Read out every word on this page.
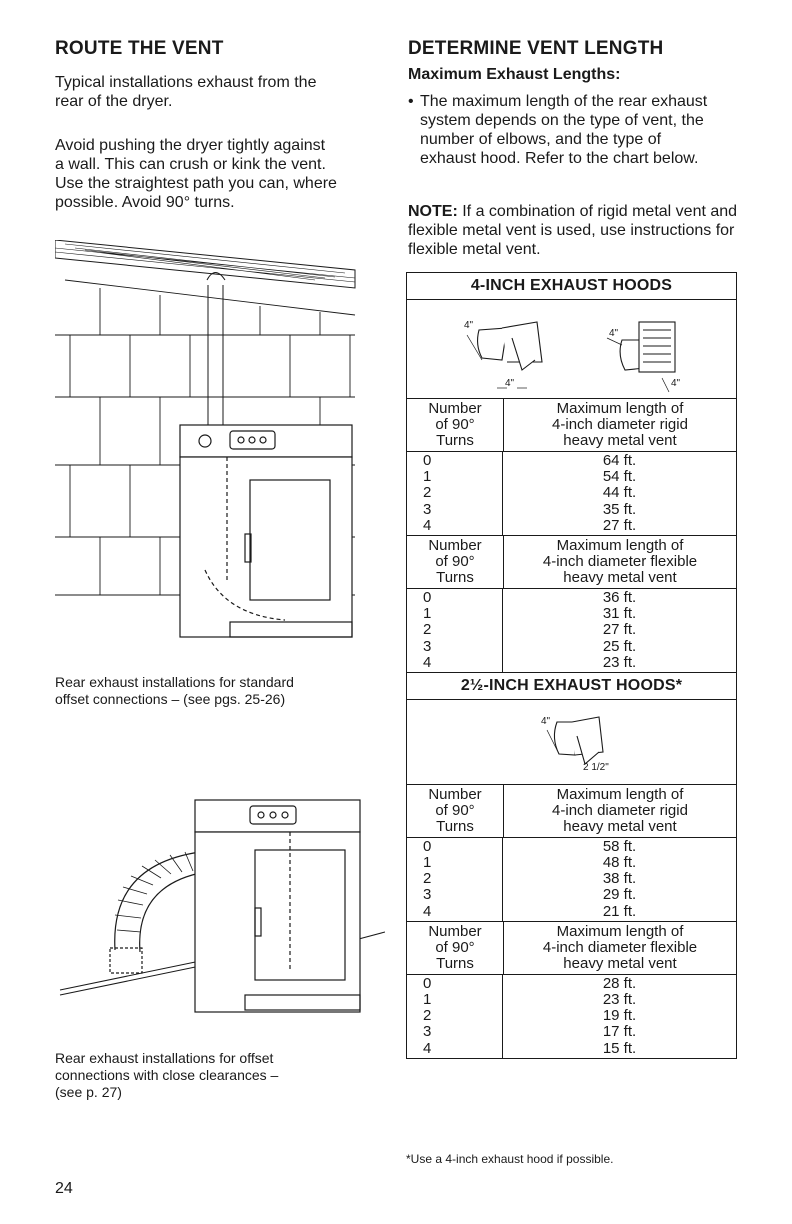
ROUTE THE VENT
Typical installations exhaust from the
rear of the dryer.
Avoid pushing the dryer tightly against
a wall. This can crush or kink the vent.
Use the straightest path you can, where
possible. Avoid 90° turns.
Rear exhaust installations for standard
offset connections – (see pgs. 25-26)
Rear exhaust installations for offset
connections with close clearances –
(see p. 27)
24
DETERMINE VENT LENGTH
Maximum Exhaust Lengths:
• The maximum length of the rear exhaust system depends on the type of vent, the number of elbows, and the type of exhaust hood. Refer to the chart below.
NOTE: If a combination of rigid metal vent and flexible metal vent is used, use instructions for flexible metal vent.
4-INCH EXHAUST HOODS
4"
4"
4"
4"
Number
of 90°
Turns
Maximum length of
4-inch diameter rigid
heavy metal vent
0
1
2
3
4
64 ft.
54 ft.
44 ft.
35 ft.
27 ft.
Number
of 90°
Turns
Maximum length of
4-inch diameter flexible
heavy metal vent
0
1
2
3
4
36 ft.
31 ft.
27 ft.
25 ft.
23 ft.
2½-INCH EXHAUST HOODS*
4"
2 1/2"
Number
of 90°
Turns
Maximum length of
4-inch diameter rigid
heavy metal vent
0
1
2
3
4
58 ft.
48 ft.
38 ft.
29 ft.
21 ft.
Number
of 90°
Turns
Maximum length of
4-inch diameter flexible
heavy metal vent
0
1
2
3
4
28 ft.
23 ft.
19 ft.
17 ft.
15 ft.
*Use a 4-inch exhaust hood if possible.
